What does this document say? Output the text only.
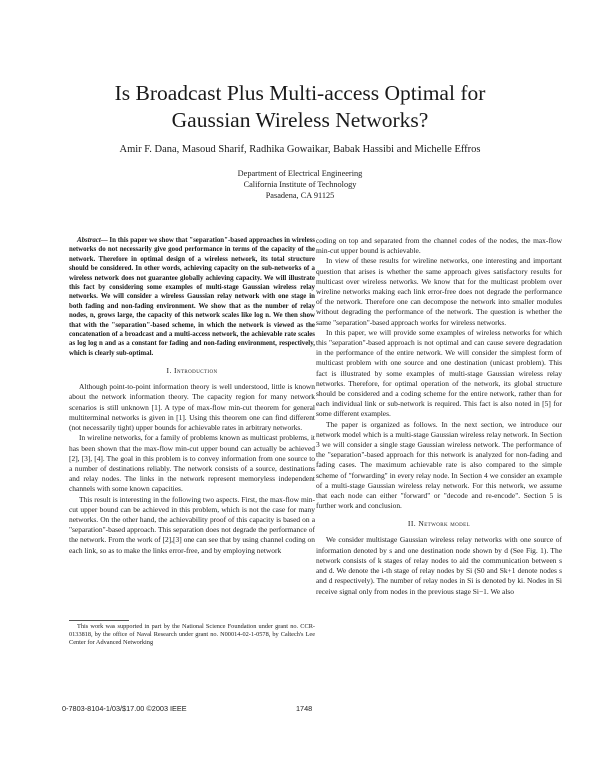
Is Broadcast Plus Multi-access Optimal for
Gaussian Wireless Networks?
Amir F. Dana, Masoud Sharif, Radhika Gowaikar, Babak Hassibi and Michelle Effros
Department of Electrical Engineering
California Institute of Technology
Pasadena, CA 91125

Abstract— In this paper we show that "separation"-based approaches in wireless networks do not necessarily give good performance in terms of the capacity of the network. Therefore in optimal design of a wireless network, its total structure should be considered. In other words, achieving capacity on the sub-networks of a wireless network does not guarantee globally achieving capacity. We will illustrate this fact by considering some examples of multi-stage Gaussian wireless relay networks. We will consider a wireless Gaussian relay network with one stage in both fading and non-fading environment. We show that as the number of relay nodes, n, grows large, the capacity of this network scales like log n. We then show that with the "separation"-based scheme, in which the network is viewed as the concatenation of a broadcast and a multi-access network, the achievable rate scales as log log n and as a constant for fading and non-fading environment, respectively, which is clearly sub-optimal.

I. Introduction

Although point-to-point information theory is well understood, little is known about the network information theory. The capacity region for many network scenarios is still unknown [1]. A type of max-flow min-cut theorem for general multiterminal networks is given in [1]. Using this theorem one can find different (not necessarily tight) upper bounds for achievable rates in arbitrary networks.

In wireline networks, for a family of problems known as multicast problems, it has been shown that the max-flow min-cut upper bound can actually be achieved [2], [3], [4]. The goal in this problem is to convey information from one source to a number of destinations reliably. The network consists of a source, destinations and relay nodes. The links in the network represent memoryless independent channels with some known capacities.

This result is interesting in the following two aspects. First, the max-flow min-cut upper bound can be achieved in this problem, which is not the case for many networks. On the other hand, the achievability proof of this capacity is based on a "separation"-based approach. This separation does not degrade the performance of the network. From the work of [2],[3] one can see that by using channel coding on each link, so as to make the links error-free, and by employing network

This work was supported in part by the National Science Foundation under grant no. CCR-0133818, by the office of Naval Research under grant no. N00014-02-1-0578, by Caltech's Lee Center for Advanced Networking

coding on top and separated from the channel codes of the nodes, the max-flow min-cut upper bound is achievable.

In view of these results for wireline networks, one interesting and important question that arises is whether the same approach gives satisfactory results for multicast over wireless networks. We know that for the multicast problem over wireline networks making each link error-free does not degrade the performance of the network. Therefore one can decompose the network into smaller modules without degrading the performance of the network. The question is whether the same "separation"-based approach works for wireless networks.

In this paper, we will provide some examples of wireless networks for which this "separation"-based approach is not optimal and can cause severe degradation in the performance of the entire network. We will consider the simplest form of multicast problem with one source and one destination (unicast problem). This fact is illustrated by some examples of multi-stage Gaussian wireless relay networks. Therefore, for optimal operation of the network, its global structure should be considered and a coding scheme for the entire network, rather than for each individual link or sub-network is required. This fact is also noted in [5] for some different examples.

The paper is organized as follows. In the next section, we introduce our network model which is a multi-stage Gaussian wireless relay network. In Section 3 we will consider a single stage Gaussian wireless network. The performance of the "separation"-based approach for this network is analyzed for non-fading and fading cases. The maximum achievable rate is also compared to the simple scheme of "forwarding" in every relay node. In Section 4 we consider an example of a multi-stage Gaussian wireless relay network. For this network, we assume that each node can either "forward" or "decode and re-encode". Section 5 is further work and conclusion.

II. Network model

We consider multistage Gaussian wireless relay networks with one source of information denoted by s and one destination node shown by d (See Fig. 1). The network consists of k stages of relay nodes to aid the communication between s and d. We denote the i-th stage of relay nodes by Si (S0 and Sk+1 denote nodes s and d respectively). The number of relay nodes in Si is denoted by ki. Nodes in Si receive signal only from nodes in the previous stage Si−1. We also

0-7803-8104-1/03/$17.00 ©2003 IEEE	1748
